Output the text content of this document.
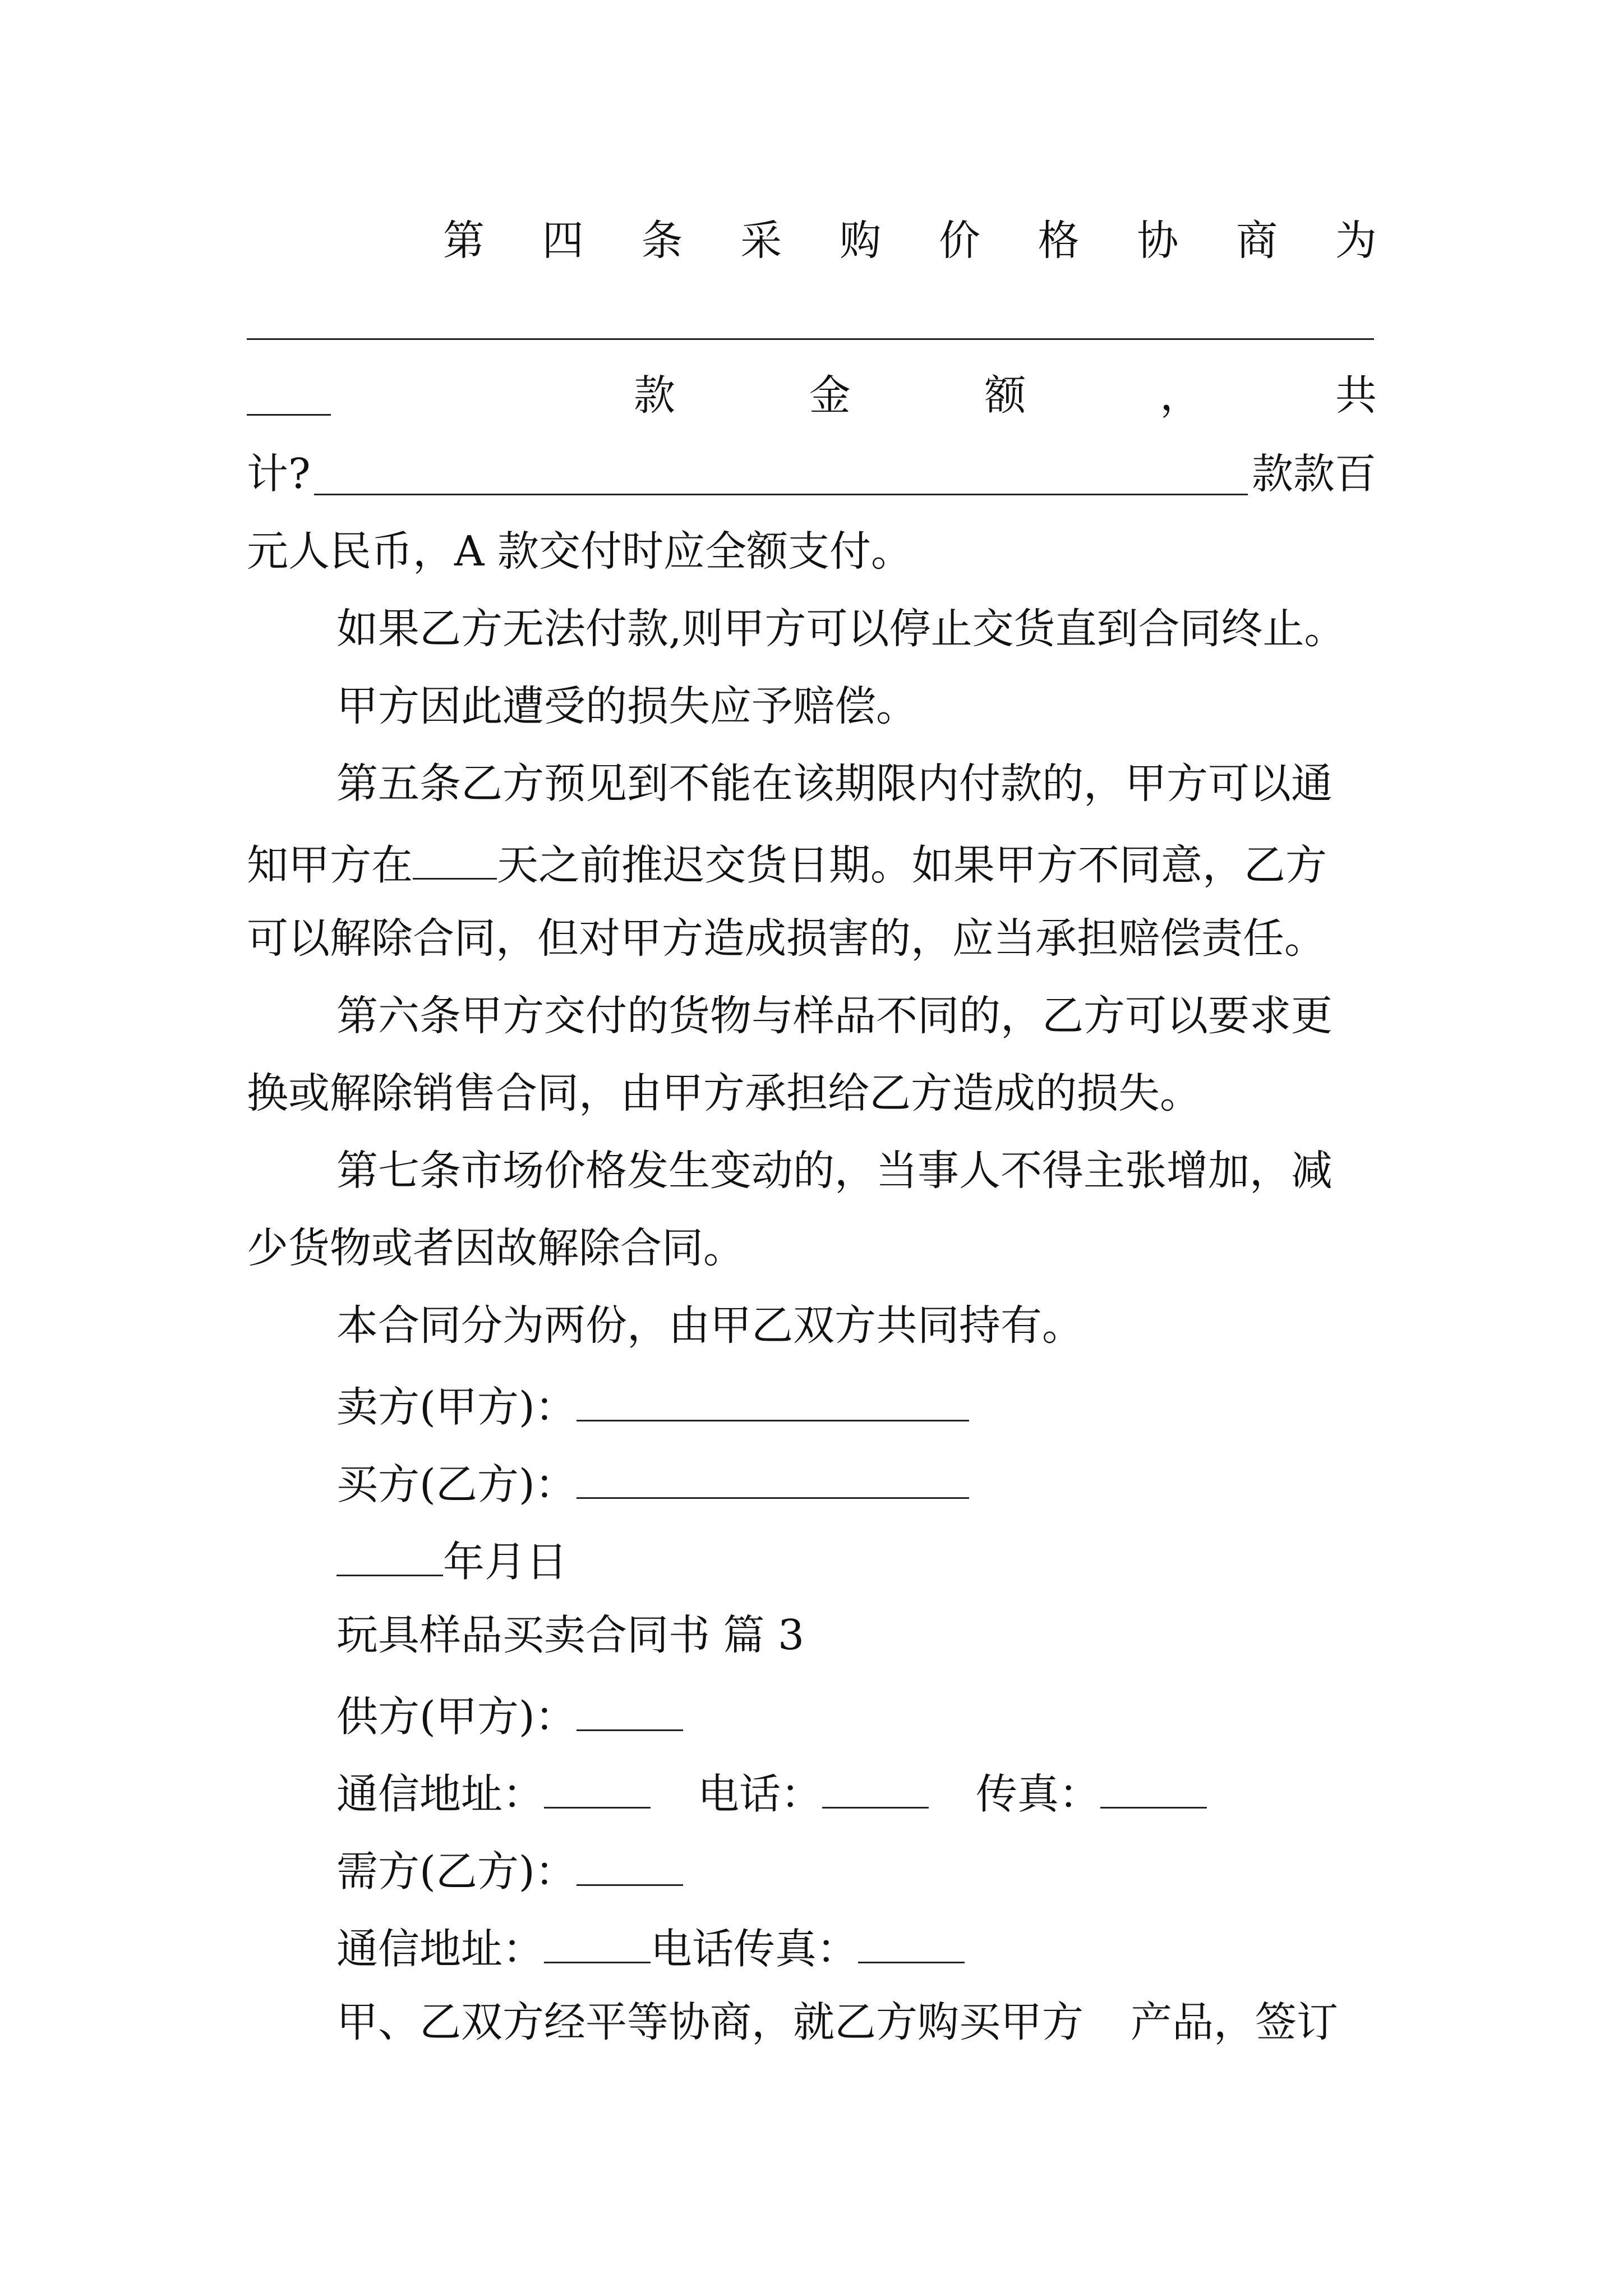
第 四 条 采 购 价 格 协 商 为
款	金	额	，	共
计?	款款百
元人民币，A 款交付时应全额支付。
如果乙方无法付款,则甲方可以停止交货直到合同终止。
甲方因此遭受的损失应予赔偿。
第五条乙方预见到不能在该期限内付款的，甲方可以通
知甲方在 天之前推迟交货日期。如果甲方不同意，乙方
可以解除合同，但对甲方造成损害的，应当承担赔偿责任。
第六条甲方交付的货物与样品不同的，乙方可以要求更
换或解除销售合同，由甲方承担给乙方造成的损失。
第七条市场价格发生变动的，当事人不得主张增加，减
少货物或者因故解除合同。
本合同分为两份，由甲乙双方共同持有。
卖方(甲方)：
买方(乙方)：
年月日
玩具样品买卖合同书 篇 3
供方(甲方)：
通信地址：	电话：	传真：
需方(乙方)：
通信地址：	电话传真：
甲、乙双方经平等协商，就乙方购买甲方 产品，签订
